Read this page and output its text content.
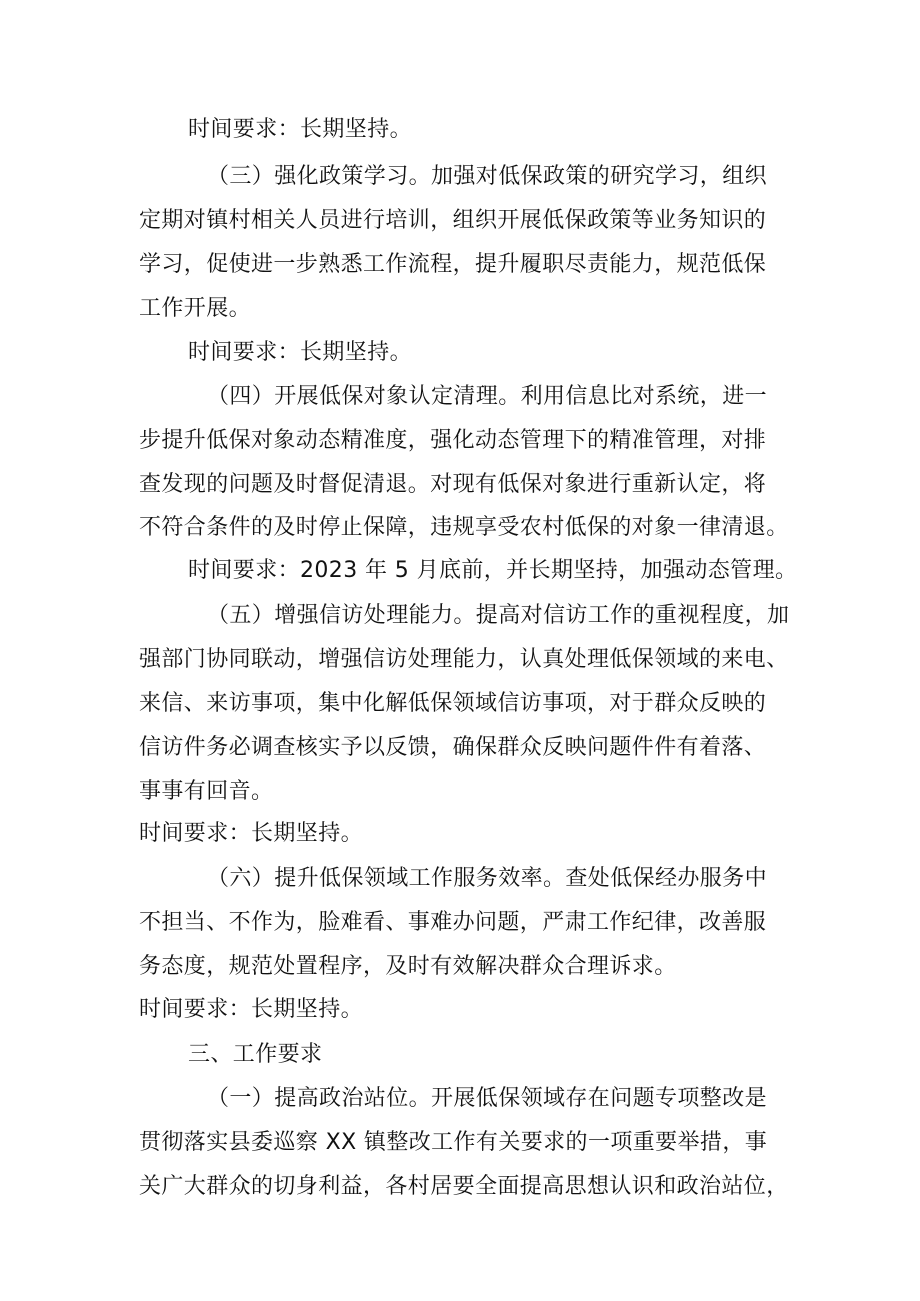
时间要求：长期坚持。
（三）强化政策学习。加强对低保政策的研究学习，组织
定期对镇村相关人员进行培训，组织开展低保政策等业务知识的
学习，促使进一步熟悉工作流程，提升履职尽责能力，规范低保
工作开展。
时间要求：长期坚持。
（四）开展低保对象认定清理。利用信息比对系统，进一
步提升低保对象动态精准度，强化动态管理下的精准管理，对排
查发现的问题及时督促清退。对现有低保对象进行重新认定，将
不符合条件的及时停止保障，违规享受农村低保的对象一律清退。
时间要求：2023 年 5 月底前，并长期坚持，加强动态管理。
（五）增强信访处理能力。提高对信访工作的重视程度，加
强部门协同联动，增强信访处理能力，认真处理低保领域的来电、
来信、来访事项，集中化解低保领域信访事项，对于群众反映的
信访件务必调查核实予以反馈，确保群众反映问题件件有着落、
事事有回音。
时间要求：长期坚持。
（六）提升低保领域工作服务效率。查处低保经办服务中
不担当、不作为，脸难看、事难办问题，严肃工作纪律，改善服
务态度，规范处置程序，及时有效解决群众合理诉求。
时间要求：长期坚持。
三、工作要求
（一）提高政治站位。开展低保领域存在问题专项整改是
贯彻落实县委巡察 XX 镇整改工作有关要求的一项重要举措，事
关广大群众的切身利益，各村居要全面提高思想认识和政治站位，
